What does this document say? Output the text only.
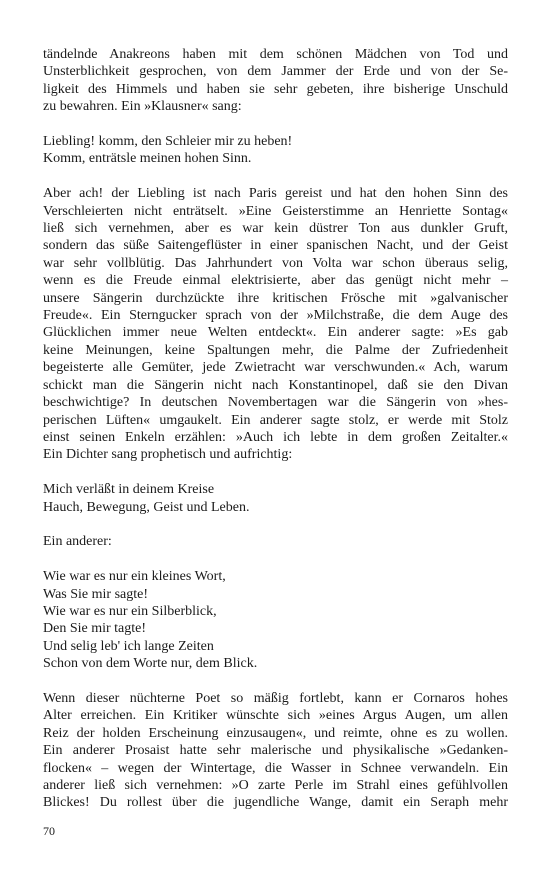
tändelnde Anakreons haben mit dem schönen Mädchen von Tod und

Unsterblichkeit gesprochen, von dem Jammer der Erde und von der Se-

ligkeit des Himmels und haben sie sehr gebeten, ihre bisherige Unschuld

zu bewahren. Ein »Klausner« sang:

Liebling! komm, den Schleier mir zu heben!

Komm, enträtsle meinen hohen Sinn.

Aber ach! der Liebling ist nach Paris gereist und hat den hohen Sinn des

Verschleierten nicht enträtselt. »Eine Geisterstimme an Henriette Sontag«

ließ sich vernehmen, aber es war kein düstrer Ton aus dunkler Gruft,

sondern das süße Saitengeflüster in einer spanischen Nacht, und der Geist

war sehr vollblütig. Das Jahrhundert von Volta war schon überaus selig,

wenn es die Freude einmal elektrisierte, aber das genügt nicht mehr –

unsere Sängerin durchzückte ihre kritischen Frösche mit »galvanischer

Freude«. Ein Sterngucker sprach von der »Milchstraße, die dem Auge des

Glücklichen immer neue Welten entdeckt«. Ein anderer sagte: »Es gab

keine Meinungen, keine Spaltungen mehr, die Palme der Zufriedenheit

begeisterte alle Gemüter, jede Zwietracht war verschwunden.« Ach, warum

schickt man die Sängerin nicht nach Konstantinopel, daß sie den Divan

beschwichtige? In deutschen Novembertagen war die Sängerin von »hes-

perischen Lüften« umgaukelt. Ein anderer sagte stolz, er werde mit Stolz

einst seinen Enkeln erzählen: »Auch ich lebte in dem großen Zeitalter.«

Ein Dichter sang prophetisch und aufrichtig:

Mich verläßt in deinem Kreise

Hauch, Bewegung, Geist und Leben.

Ein anderer:

Wie war es nur ein kleines Wort,

Was Sie mir sagte!

Wie war es nur ein Silberblick,

Den Sie mir tagte!

Und selig leb' ich lange Zeiten

Schon von dem Worte nur, dem Blick.

Wenn dieser nüchterne Poet so mäßig fortlebt, kann er Cornaros hohes

Alter erreichen. Ein Kritiker wünschte sich »eines Argus Augen, um allen

Reiz der holden Erscheinung einzusaugen«, und reimte, ohne es zu wollen.

Ein anderer Prosaist hatte sehr malerische und physikalische »Gedanken-

flocken« – wegen der Wintertage, die Wasser in Schnee verwandeln. Ein

anderer ließ sich vernehmen: »O zarte Perle im Strahl eines gefühlvollen

Blickes! Du rollest über die jugendliche Wange, damit ein Seraph mehr

70
